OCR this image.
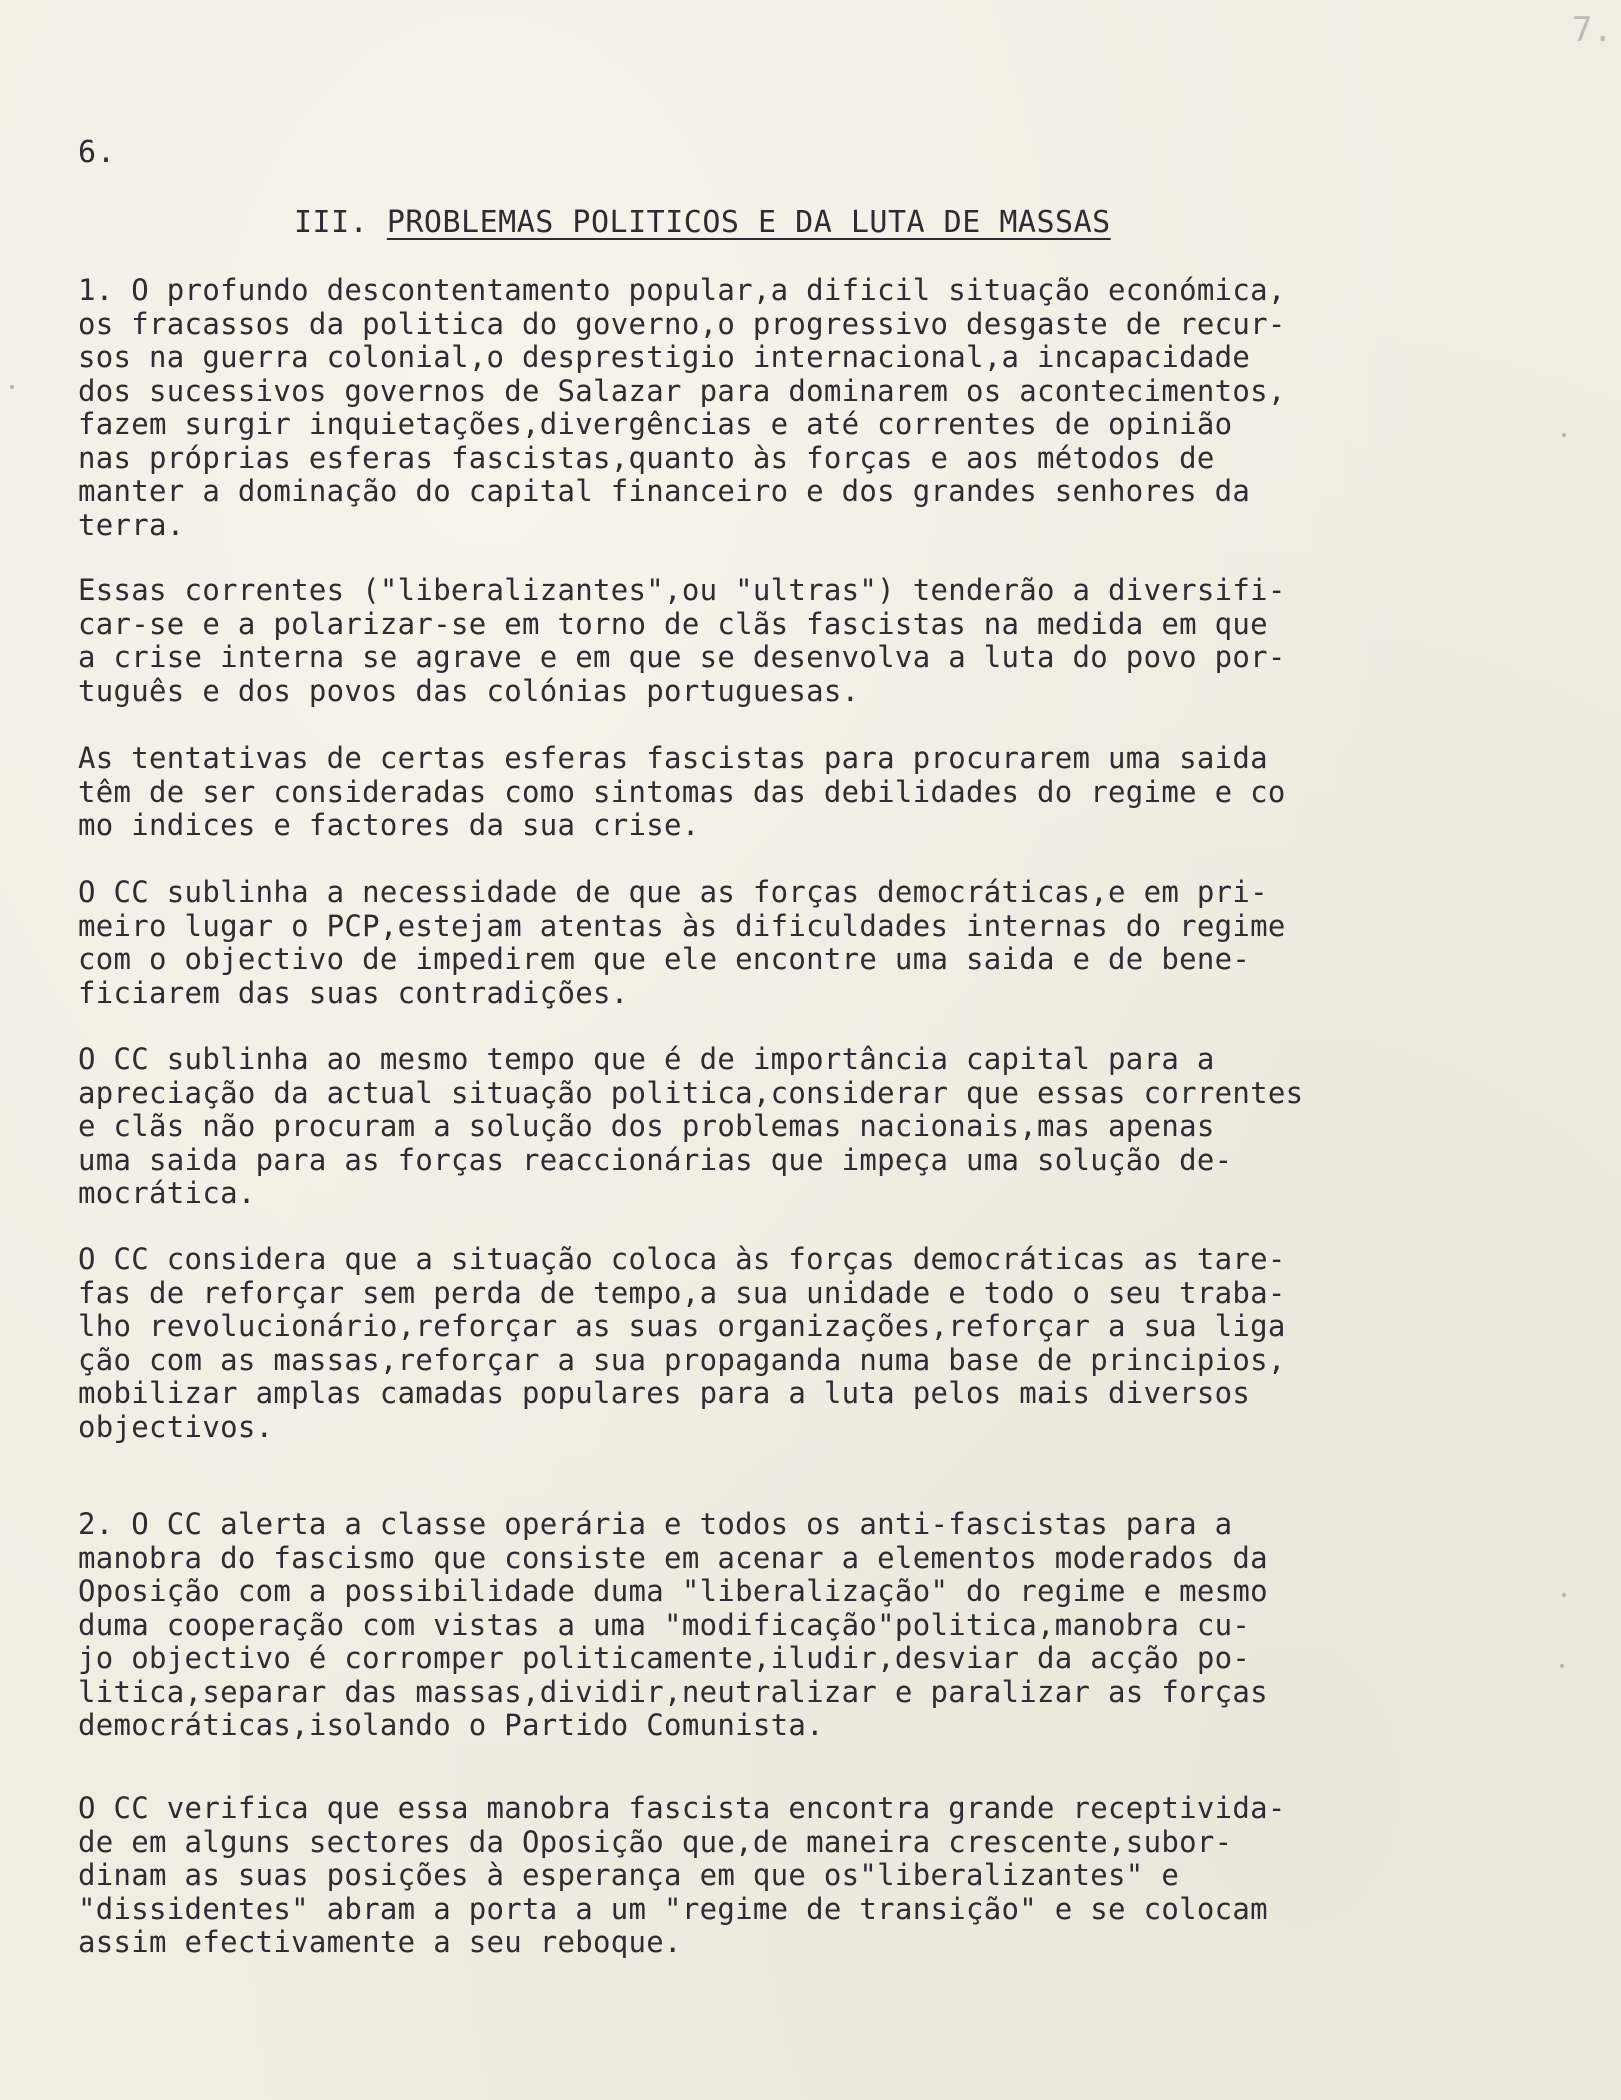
7.
6.
III. PROBLEMAS POLITICOS E DA LUTA DE MASSAS

1. O profundo descontentamento popular,a dificil situação económica,
os fracassos da politica do governo,o progressivo desgaste de recur-
sos na guerra colonial,o desprestigio internacional,a incapacidade
dos sucessivos governos de Salazar para dominarem os acontecimentos,
fazem surgir inquietações,divergências e até correntes de opinião
nas próprias esferas fascistas,quanto às forças e aos métodos de
manter a dominação do capital financeiro e dos grandes senhores da
terra.

Essas correntes ("liberalizantes",ou "ultras") tenderão a diversifi-
car-se e a polarizar-se em torno de clãs fascistas na medida em que
a crise interna se agrave e em que se desenvolva a luta do povo por-
tuguês e dos povos das colónias portuguesas.

As tentativas de certas esferas fascistas para procurarem uma saida
têm de ser consideradas como sintomas das debilidades do regime e co
mo indices e factores da sua crise.

O CC sublinha a necessidade de que as forças democráticas,e em pri-
meiro lugar o PCP,estejam atentas às dificuldades internas do regime
com o objectivo de impedirem que ele encontre uma saida e de bene-
ficiarem das suas contradições.

O CC sublinha ao mesmo tempo que é de importância capital para a
apreciação da actual situação politica,considerar que essas correntes
e clãs não procuram a solução dos problemas nacionais,mas apenas
uma saida para as forças reaccionárias que impeça uma solução de-
mocrática.

O CC considera que a situação coloca às forças democráticas as tare-
fas de reforçar sem perda de tempo,a sua unidade e todo o seu traba-
lho revolucionário,reforçar as suas organizações,reforçar a sua liga
ção com as massas,reforçar a sua propaganda numa base de principios,
mobilizar amplas camadas populares para a luta pelos mais diversos
objectivos.

2. O CC alerta a classe operária e todos os anti-fascistas para a
manobra do fascismo que consiste em acenar a elementos moderados da
Oposição com a possibilidade duma "liberalização" do regime e mesmo
duma cooperação com vistas a uma "modificação"politica,manobra cu-
jo objectivo é corromper politicamente,iludir,desviar da acção po-
litica,separar das massas,dividir,neutralizar e paralizar as forças
democráticas,isolando o Partido Comunista.

O CC verifica que essa manobra fascista encontra grande receptivida-
de em alguns sectores da Oposição que,de maneira crescente,subor-
dinam as suas posições à esperança em que os"liberalizantes" e
"dissidentes" abram a porta a um "regime de transição" e se colocam
assim efectivamente a seu reboque.
